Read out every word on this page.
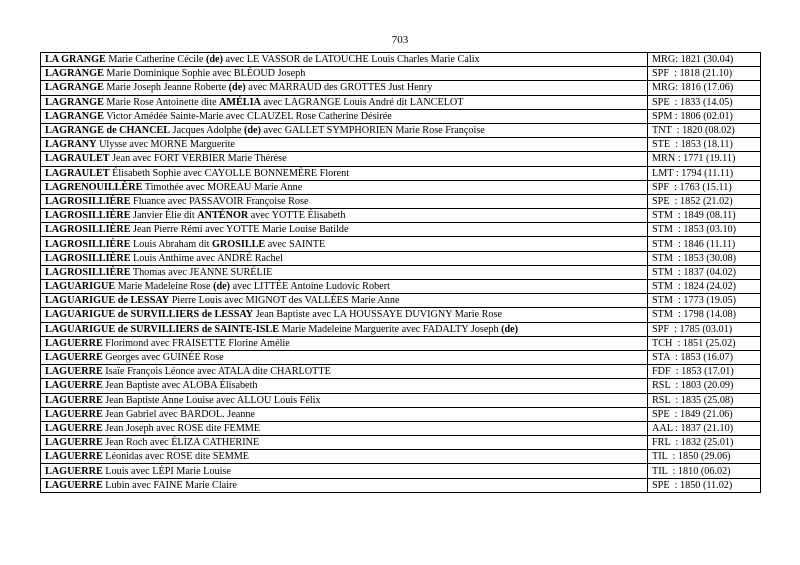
703
LA GRANGE Marie Catherine Cécile (de) avec LE VASSOR de LATOUCHE Louis Charles Marie Calix	MRG: 1821 (30.04)
LAGRANGE Marie Dominique Sophie avec BLÉOUD Joseph	SPF  : 1818 (21.10)
LAGRANGE Marie Joseph Jeanne Roberte (de) avec MARRAUD des GROTTES Just Henry	MRG: 1816 (17.06)
LAGRANGE Marie Rose Antoinette dite AMÉLIA avec LAGRANGE Louis André dit LANCELOT	SPE  : 1833 (14.05)
LAGRANGE Victor Amédée Sainte-Marie avec CLAUZEL Rose Catherine Désirée	SPM : 1806 (02.01)
LAGRANGE de CHANCEL Jacques Adolphe (de) avec GALLET SYMPHORIEN Marie Rose Françoise	TNT  : 1820 (08.02)
LAGRANY Ulysse avec MORNE Marguerite	STE  : 1853 (18.11)
LAGRAULET Jean avec FORT VERBIER Marie Thérèse	MRN : 1771 (19.11)
LAGRAULET Élisabeth Sophie avec CAYOLLE BONNEMÈRE Florent	LMT : 1794 (11.11)
LAGRENOUILLÈRE Timothée avec MOREAU Marie Anne	SPF  : 1763 (15.11)
LAGROSILLIÈRE Fluance avec PASSAVOIR Françoise Rose	SPE  : 1852 (21.02)
LAGROSILLIÈRE Janvier Élie dit ANTÉNOR avec YOTTE Élisabeth	STM  : 1849 (08.11)
LAGROSILLIÈRE Jean Pierre Rémi avec YOTTE Marie Louise Batilde	STM  : 1853 (03.10)
LAGROSILLIÈRE Louis Abraham dit GROSILLE avec SAINTE	STM  : 1846 (11.11)
LAGROSILLIÈRE Louis Anthime avec ANDRÉ Rachel	STM  : 1853 (30.08)
LAGROSILLIÈRE Thomas avec JEANNE SURÉLIE	STM  : 1837 (04.02)
LAGUARIGUE Marie Madeleine Rose (de) avec LITTÉE Antoine Ludovic Robert	STM  : 1824 (24.02)
LAGUARIGUE de LESSAY Pierre Louis avec MIGNOT des VALLÉES Marie Anne	STM  : 1773 (19.05)
LAGUARIGUE de SURVILLIERS de LESSAY Jean Baptiste avec LA HOUSSAYE DUVIGNY Marie Rose	STM  : 1798 (14.08)
LAGUARIGUE de SURVILLIERS de SAINTE-ISLE Marie Madeleine Marguerite avec FADALTY Joseph (de)	SPF  : 1785 (03.01)
LAGUERRE Florimond avec FRAISETTE Florine Amélie	TCH  : 1851 (25.02)
LAGUERRE Georges avec GUINÉE Rose	STA  : 1853 (16.07)
LAGUERRE Isaïe François Léonce avec ATALA dite CHARLOTTE	FDF  : 1853 (17.01)
LAGUERRE Jean Baptiste avec ALOBA Élisabeth	RSL  : 1803 (20.09)
LAGUERRE Jean Baptiste Anne Louise avec ALLOU Louis Félix	RSL  : 1835 (25.08)
LAGUERRE Jean Gabriel avec BARDOL. Jeanne	SPE  : 1849 (21.06)
LAGUERRE Jean Joseph avec ROSE dite FEMME	AAL : 1837 (21.10)
LAGUERRE Jean Roch avec ÉLIZA CATHERINE	FRL  : 1832 (25.01)
LAGUERRE Léonidas avec ROSE dite SEMME	TIL  : 1850 (29.06)
LAGUERRE Louis avec LÉPI Marie Louise	TIL  : 1810 (06.02)
LAGUERRE Lubin avec FAINE Marie Claire	SPE  : 1850 (11.02)
